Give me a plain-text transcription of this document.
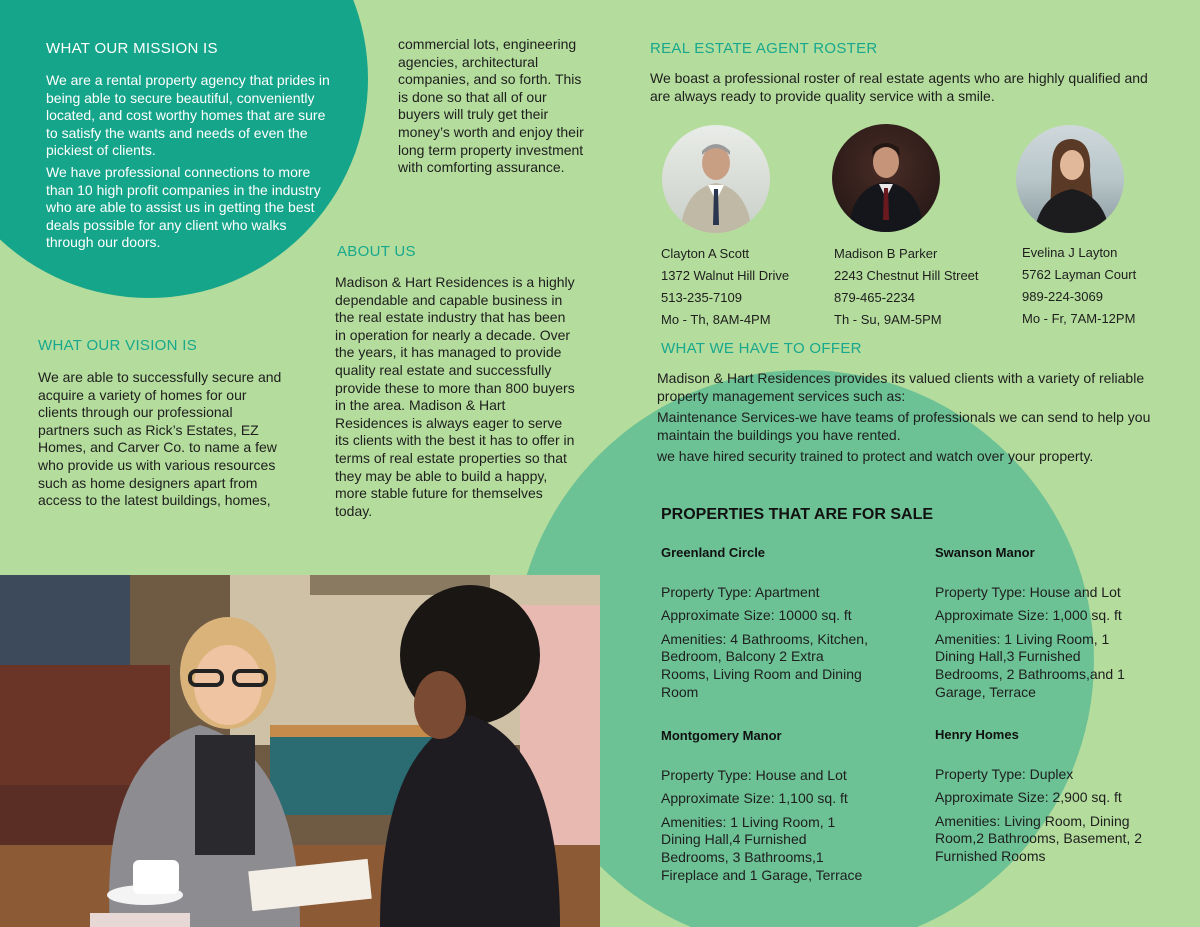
WHAT OUR MISSION IS

We are a rental property agency that prides in being able to secure beautiful, conveniently located, and cost worthy homes that are sure to satisfy the wants and needs of even the pickiest of clients.

We have professional connections to more than 10 high profit companies in the industry who are able to assist us in getting the best deals possible for any client who walks through our doors.

commercial lots, engineering agencies, architectural companies, and so forth. This is done so that all of our buyers will truly get their money’s worth and enjoy their long term property investment with comforting assurance.
WHAT OUR VISION IS
We are able to successfully secure and acquire a variety of homes for our clients through our professional partners such as Rick’s Estates, EZ Homes, and Carver Co. to name a few who provide us with various resources such as home designers apart from access to the latest buildings, homes,
ABOUT US
Madison & Hart Residences is a highly dependable and capable business in the real estate industry that has been in operation for nearly a decade. Over the years, it has managed to provide quality real estate and successfully provide these to more than 800 buyers in the area. Madison & Hart Residences is always eager to serve its clients with the best it has to offer in terms of real estate properties so that they may be able to build a happy, more stable future for themselves today.
REAL ESTATE AGENT ROSTER
We boast a professional roster of real estate agents who are highly qualified and are always ready to provide quality service with a smile.
Clayton A Scott
1372 Walnut Hill Drive
513-235-7109
Mo - Th, 8AM-4PM
Madison B Parker
2243 Chestnut Hill Street
879-465-2234
Th - Su, 9AM-5PM
Evelina J Layton
5762 Layman Court
989-224-3069
Mo - Fr, 7AM-12PM
WHAT WE HAVE TO OFFER

Madison & Hart Residences provides its valued clients with a variety of reliable property management services such as:

Maintenance Services-we have teams of professionals we can send to help you maintain the buildings you have rented.

we have hired security trained to protect and watch over your property.

PROPERTIES THAT ARE FOR SALE
Greenland Circle
Property Type: Apartment
Approximate Size: 10000 sq. ft
Amenities: 4 Bathrooms, Kitchen, Bedroom, Balcony 2 Extra Rooms, Living Room and Dining Room
Swanson Manor
Property Type: House and Lot
Approximate Size: 1,000 sq. ft
Amenities: 1 Living Room, 1 Dining Hall,3 Furnished Bedrooms, 2 Bathrooms,and 1 Garage, Terrace
Montgomery Manor
Property Type: House and Lot
Approximate Size: 1,100 sq. ft
Amenities: 1 Living Room, 1 Dining Hall,4 Furnished Bedrooms, 3 Bathrooms,1 Fireplace and 1 Garage, Terrace
Henry Homes
Property Type: Duplex
Approximate Size: 2,900 sq. ft
Amenities: Living Room, Dining Room,2 Bathrooms, Basement, 2 Furnished Rooms
